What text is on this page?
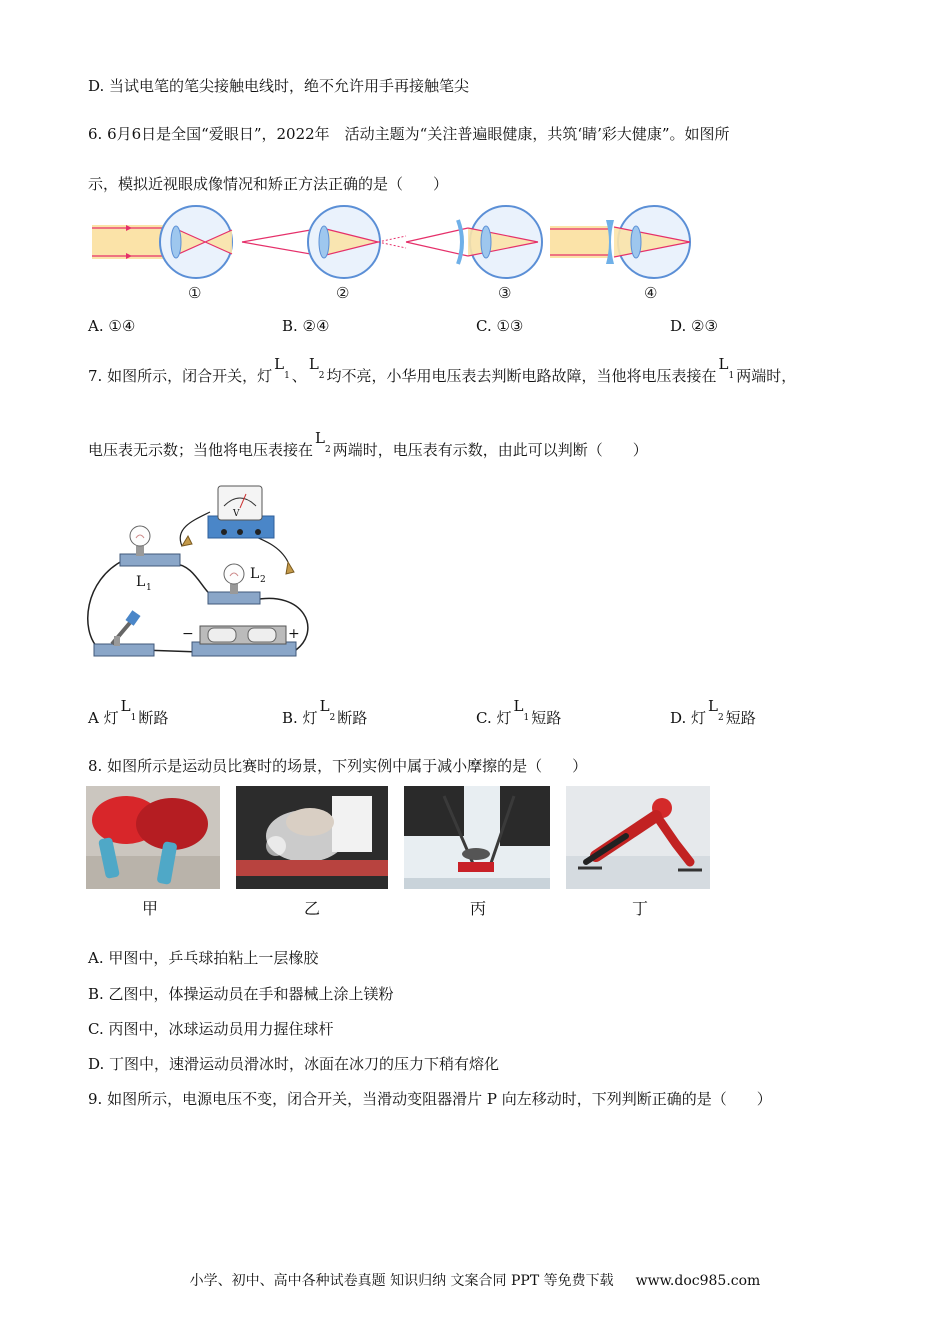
D. 当试电笔的笔尖接触电线时，绝不允许用手再接触笔尖
6. 6月6日是全国“爱眼日”，2022年　活动主题为“关注普遍眼健康，共筑‘睛’彩大健康”。如图所
示，模拟近视眼成像情况和矫正方法正确的是（　　）
①	②	③	④
A. ①④	B. ②④	C. ①③	D. ②③
7. 如图所示，闭合开关，灯$L^1$ 、$L^2$ 均不亮，小华用电压表去判断电路故障，当他将电压表接在$L^1$ 两端时，
电压表无示数；当他将电压表接在$L^2$ 两端时，电压表有示数，由此可以判断（　　）
V
L 1
L 2
−	+
A 灯$L^1$ 断路	B. 灯$L^2$ 断路	C. 灯$L^1$ 短路	D. 灯$L^2$ 短路
8. 如图所示是运动员比赛时的场景，下列实例中属于减小摩擦的是（　　）
甲	乙	丙	丁
A. 甲图中，乒乓球拍粘上一层橡胶
B. 乙图中，体操运动员在手和器械上涂上镁粉
C. 丙图中，冰球运动员用力握住球杆
D. 丁图中，速滑运动员滑冰时，冰面在冰刀的压力下稍有熔化
9. 如图所示，电源电压不变，闭合开关，当滑动变阻器滑片 P 向左移动时，下列判断正确的是（　　）
小学、初中、高中各种试卷真题 知识归纳 文案合同 PPT 等免费下载 www.doc985.com
